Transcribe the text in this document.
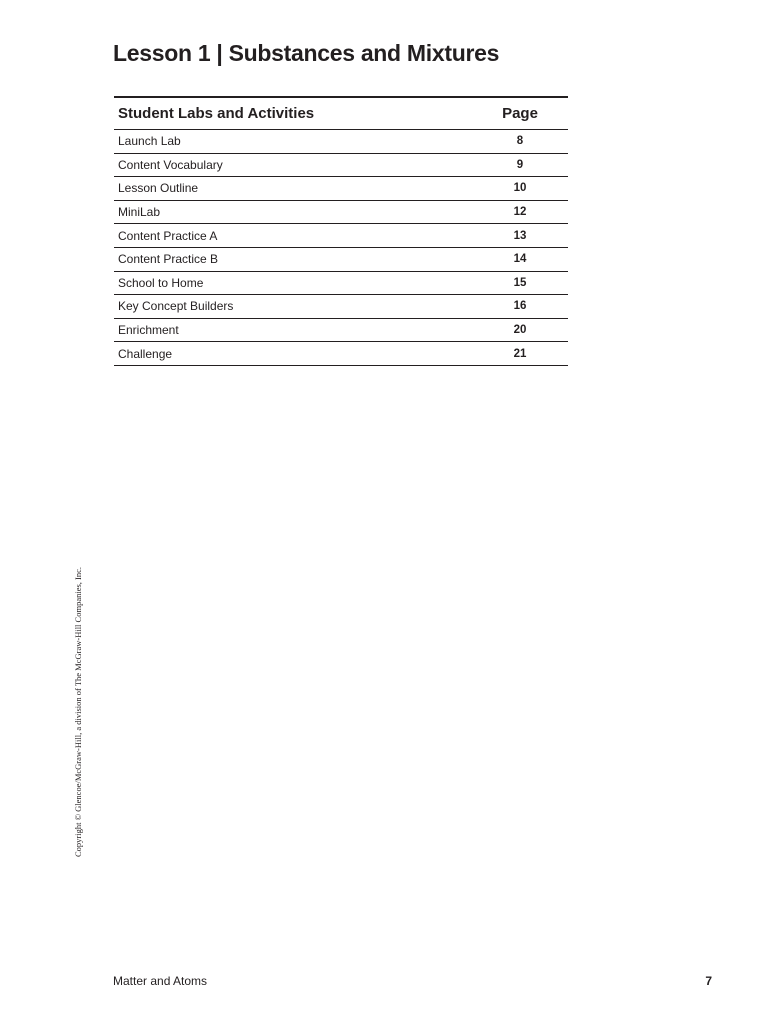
Lesson 1 | Substances and Mixtures
Student Labs and Activities	Page
Launch Lab	8
Content Vocabulary	9
Lesson Outline	10
MiniLab	12
Content Practice A	13
Content Practice B	14
School to Home	15
Key Concept Builders	16
Enrichment	20
Challenge	21
Copyright © Glencoe/McGraw-Hill, a division of The McGraw-Hill Companies, Inc.
Matter and Atoms	7
